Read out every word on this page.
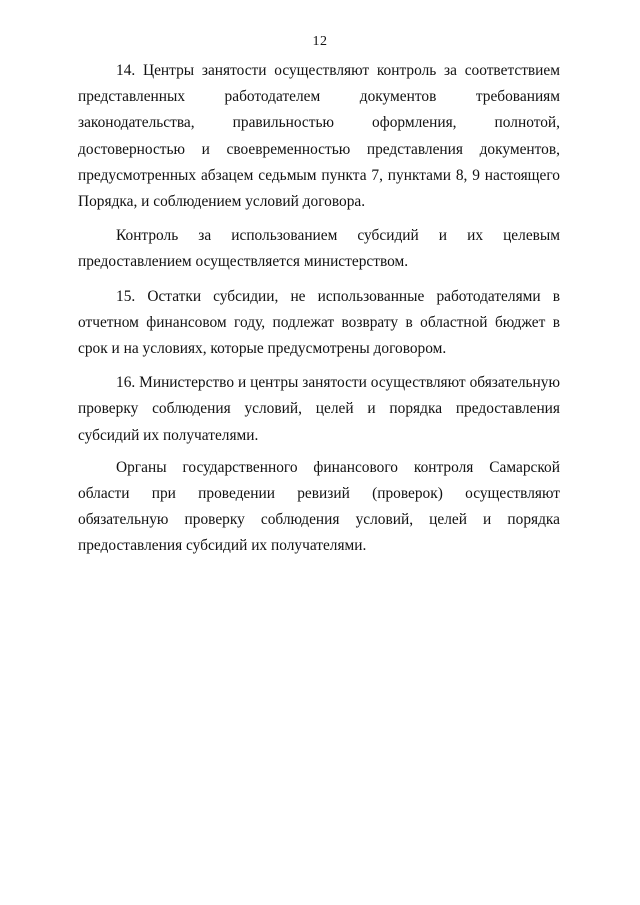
12

14. Центры занятости осуществляют контроль за соответствием представленных работодателем документов требованиям законодательства, правильностью оформления, полнотой, достоверностью и своевременностью представления документов, предусмотренных абзацем седьмым пункта 7, пунктами 8, 9 настоящего Порядка, и соблюдением условий договора.

Контроль за использованием субсидий и их целевым предоставлением осуществляется министерством.

15. Остатки субсидии, не использованные работодателями в отчетном финансовом году, подлежат возврату в областной бюджет в срок и на условиях, которые предусмотрены договором.

16. Министерство и центры занятости осуществляют обязательную проверку соблюдения условий, целей и порядка предоставления субсидий их получателями.

Органы государственного финансового контроля Самарской области при проведении ревизий (проверок) осуществляют обязательную проверку соблюдения условий, целей и порядка предоставления субсидий их получателями.
